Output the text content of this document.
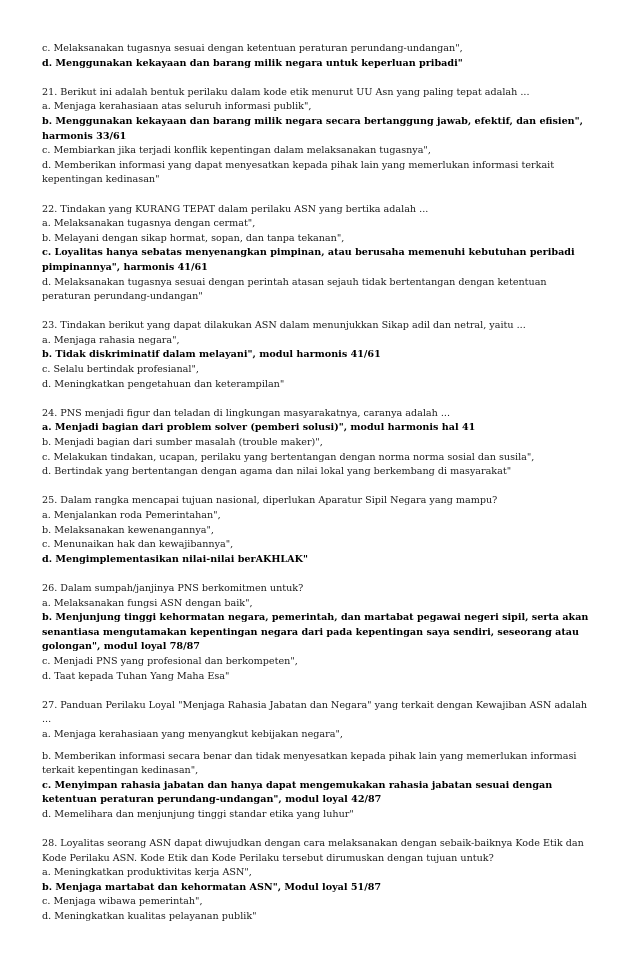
c. Melaksanakan tugasnya sesuai dengan ketentuan peraturan perundang-undangan",
d. Menggunakan kekayaan dan barang milik negara untuk keperluan pribadi"
21. Berikut ini adalah bentuk perilaku dalam kode etik menurut UU Asn yang paling tepat adalah ...
a. Menjaga kerahasiaan atas seluruh informasi publik",
b. Menggunakan kekayaan dan barang milik negara secara bertanggung jawab, efektif, dan efisien", harmonis 33/61
c. Membiarkan jika terjadi konflik kepentingan dalam melaksanakan tugasnya",
d. Memberikan informasi yang dapat menyesatkan kepada pihak lain yang memerlukan informasi terkait kepentingan kedinasan"
22. Tindakan yang KURANG TEPAT dalam perilaku ASN yang bertika adalah ...
a. Melaksanakan tugasnya dengan cermat",
b. Melayani dengan sikap hormat, sopan, dan tanpa tekanan",
c. Loyalitas hanya sebatas menyenangkan pimpinan, atau berusaha memenuhi kebutuhan peribadi pimpinannya", harmonis 41/61
d. Melaksanakan tugasnya sesuai dengan perintah atasan sejauh tidak bertentangan dengan ketentuan peraturan perundang-undangan"
23. Tindakan berikut yang dapat dilakukan ASN dalam menunjukkan Sikap adil dan netral, yaitu ...
a. Menjaga rahasia negara",
b. Tidak diskriminatif dalam melayani", modul harmonis 41/61
c. Selalu bertindak profesianal",
d. Meningkatkan pengetahuan dan keterampilan"
24. PNS menjadi figur dan teladan di lingkungan masyarakatnya, caranya adalah ...
a. Menjadi bagian dari problem solver (pemberi solusi)", modul harmonis hal 41
b. Menjadi bagian dari sumber masalah (trouble maker)",
c. Melakukan tindakan, ucapan, perilaku yang bertentangan dengan norma norma sosial dan susila",
d. Bertindak yang bertentangan dengan agama dan nilai lokal yang berkembang di masyarakat"
25. Dalam rangka mencapai tujuan nasional, diperlukan Aparatur Sipil Negara yang mampu?
a. Menjalankan roda Pemerintahan",
b. Melaksanakan kewenangannya",
c. Menunaikan hak dan kewajibannya",
d. Mengimplementasikan nilai-nilai berAKHLAK"
26. Dalam sumpah/janjinya PNS berkomitmen untuk?
a. Melaksanakan fungsi ASN dengan baik",
b. Menjunjung tinggi kehormatan negara, pemerintah, dan martabat pegawai negeri sipil, serta akan senantiasa mengutamakan kepentingan negara dari pada kepentingan saya sendiri, seseorang atau golongan", modul loyal 78/87
c. Menjadi PNS yang profesional dan berkompeten",
d. Taat kepada Tuhan Yang Maha Esa"
27. Panduan Perilaku Loyal "Menjaga Rahasia Jabatan dan Negara" yang terkait dengan Kewajiban ASN adalah ...
a. Menjaga kerahasiaan yang menyangkut kebijakan negara",
b. Memberikan informasi secara benar dan tidak menyesatkan kepada pihak lain yang memerlukan informasi terkait kepentingan kedinasan",
c. Menyimpan rahasia jabatan dan hanya dapat mengemukakan rahasia jabatan sesuai dengan ketentuan peraturan perundang-undangan", modul loyal 42/87
d. Memelihara dan menjunjung tinggi standar etika yang luhur"
28. Loyalitas seorang ASN dapat diwujudkan dengan cara melaksanakan dengan sebaik-baiknya Kode Etik dan Kode Perilaku ASN. Kode Etik dan Kode Perilaku tersebut dirumuskan dengan tujuan untuk?
a. Meningkatkan produktivitas kerja ASN",
b. Menjaga martabat dan kehormatan ASN", Modul loyal 51/87
c. Menjaga wibawa pemerintah",
d. Meningkatkan kualitas pelayanan publik"
